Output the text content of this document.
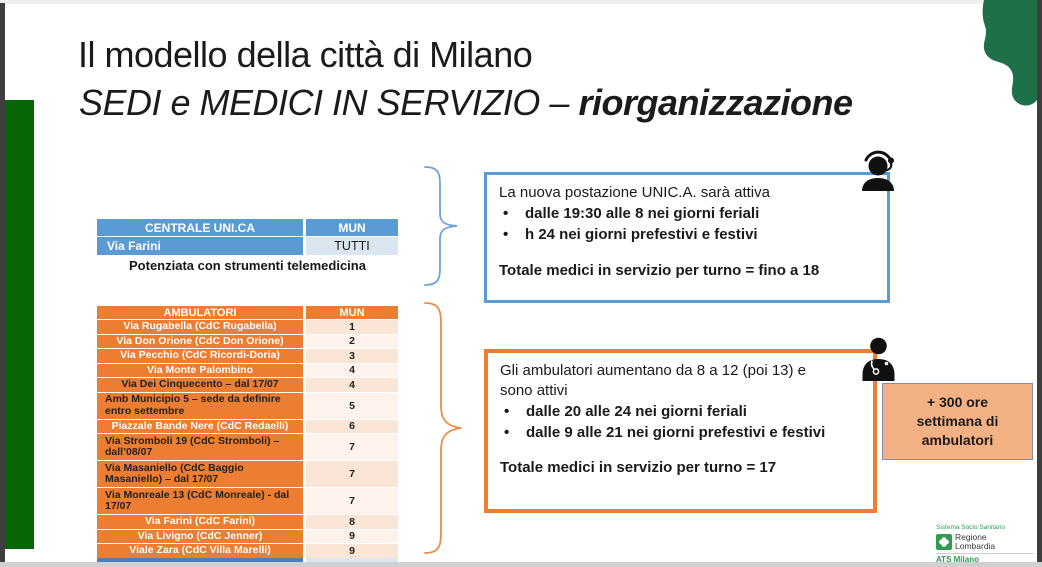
Il modello della città di Milano
SEDI e MEDICI IN SERVIZIO – riorganizzazione
CENTRALE UNI.CA	MUN
Via Farini	TUTTI
Potenziata con strumenti telemedicina
AMBULATORI	MUN
Via Rugabella (CdC Rugabella)	1
Via Don Orione (CdC Don Orione)	2
Via Pecchio (CdC Ricordi-Doria)	3
Via Monte Palombino	4
Via Dei Cinquecento – dal 17/07	4
Amb Municipio 5 – sede da definire entro settembre	5
Piazzale Bande Nere (CdC Redaelli)	6
Via Stromboli 19 (CdC Stromboli) – dall’08/07	7
Via Masaniello (CdC Baggio Masaniello) – dal 17/07	7
Via Monreale 13 (CdC Monreale) - dal 17/07	7
Via Farini (CdC Farini)	8
Via Livigno (CdC Jenner)	9
Viale Zara (CdC Villa Marelli)	9
La nuova postazione UNIC.A. sarà attiva
•	dalle 19:30 alle 8 nei giorni feriali
•	h 24 nei giorni prefestivi e festivi
Totale medici in servizio per turno = fino a 18
Gli ambulatori aumentano da 8 a 12 (poi 13) e sono attivi
•	dalle 20 alle 24 nei giorni feriali
•	dalle 9 alle 21 nei giorni prefestivi e festivi
Totale medici in servizio per turno = 17
+ 300 ore settimana di ambulatori
Sistema Socio Sanitario
Regione
Lombardia
ATS Milano
